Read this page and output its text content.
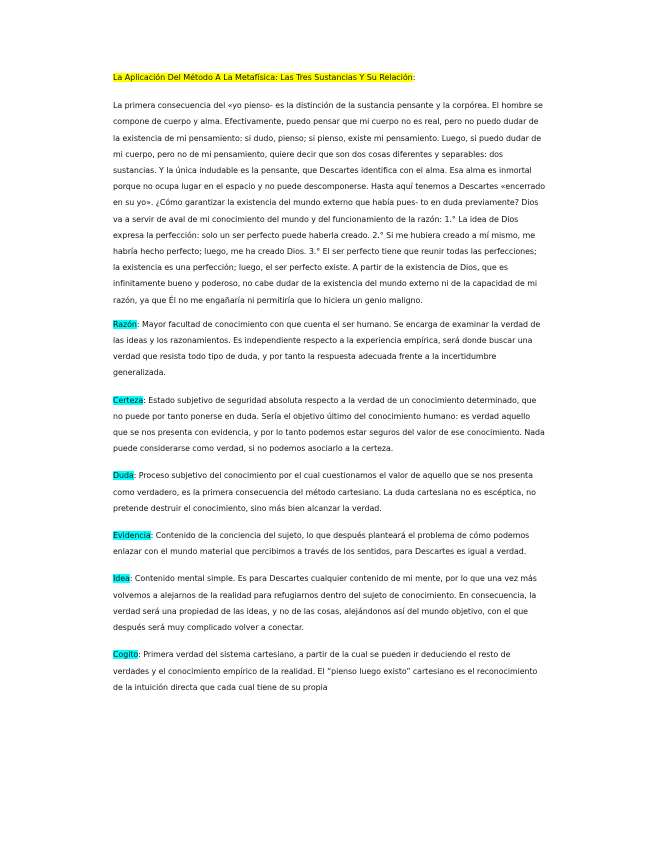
La Aplicación Del Método A La Metafísica: Las Tres Sustancias Y Su Relación:

La primera consecuencia del «yo pienso- es la distinción de la sustancia pensante y la corpórea. El hombre se compone de cuerpo y alma. Efectivamente, puedo pensar que mi cuerpo no es real, pero no puedo dudar de la existencia de mi pensamiento: si dudo, pienso; si pienso, existe mi pensamiento. Luego, si puedo dudar de mi cuerpo, pero no de mi pensamiento, quiere decir que son dos cosas diferentes y separables: dos sustancias. Y la única indudable es la pensante, que Descartes identifica con el alma. Esa alma es inmortal porque no ocupa lugar en el espacio y no puede descomponerse. Hasta aquí tenemos a Descartes «encerrado en su yo». ¿Cómo garantizar la existencia del mundo externo que había pues- to en duda previamente? Dios va a servir de aval de mi conocimiento del mundo y del funcionamiento de la razón: 1.° La idea de Dios expresa la perfección: solo un ser perfecto puede haberla creado. 2.° Si me hubiera creado a mí mismo, me habría hecho perfecto; luego, me ha creado Dios. 3.° El ser perfecto tiene que reunir todas las perfecciones; la existencia es una perfección; luego, el ser perfecto existe. A partir de la existencia de Dios, que es infinitamente bueno y poderoso, no cabe dudar de la existencia del mundo externo ni de la capacidad de mi razón, ya que Él no me engañaría ni permitiría que lo hiciera un genio maligno.

Razón: Mayor facultad de conocimiento con que cuenta el ser humano. Se encarga de examinar la verdad de las ideas y los razonamientos. Es independiente respecto a la experiencia empírica, será donde buscar una verdad que resista todo tipo de duda, y por tanto la respuesta adecuada frente a la incertidumbre generalizada.

Certeza: Estado subjetivo de seguridad absoluta respecto a la verdad de un conocimiento determinado, que no puede por tanto ponerse en duda. Sería el objetivo último del conocimiento humano: es verdad aquello que se nos presenta con evidencia, y por lo tanto podemos estar seguros del valor de ese conocimiento. Nada puede considerarse como verdad, si no podemos asociarlo a la certeza.

Duda: Proceso subjetivo del conocimiento por el cual cuestionamos el valor de aquello que se nos presenta como verdadero, es la primera consecuencia del método cartesiano. La duda cartesiana no es escéptica, no pretende destruir el conocimiento, sino más bien alcanzar la verdad.

Evidencia: Contenido de la conciencia del sujeto, lo que después planteará el problema de cómo podemos enlazar con el mundo material que percibimos a través de los sentidos, para Descartes es igual a verdad.

Idea: Contenido mental simple. Es para Descartes cualquier contenido de mi mente, por lo que una vez más volvemos a alejarnos de la realidad para refugiarnos dentro del sujeto de conocimiento. En consecuencia, la verdad será una propiedad de las ideas, y no de las cosas, alejándonos así del mundo objetivo, con el que después será muy complicado volver a conectar.

Cogito: Primera verdad del sistema cartesiano, a partir de la cual se pueden ir deduciendo el resto de verdades y el conocimiento empírico de la realidad. El “pienso luego existo” cartesiano es el reconocimiento de la intuición directa que cada cual tiene de su propia
